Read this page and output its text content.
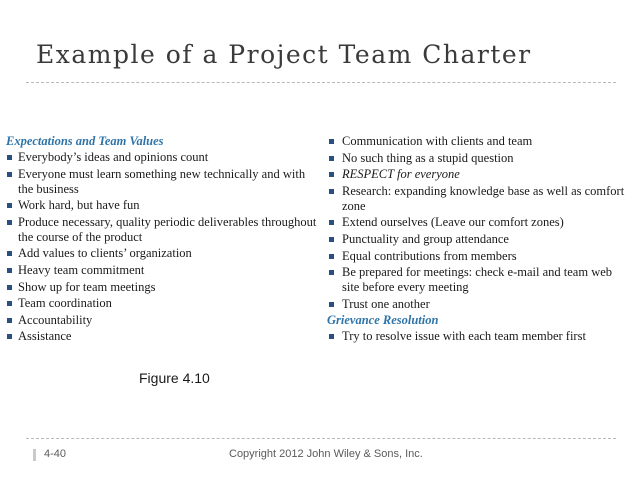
Example of a Project Team Charter
Expectations and Team Values
Everybody’s ideas and opinions count
Everyone must learn something new technically and with the business
Work hard, but have fun
Produce necessary, quality periodic deliverables throughout the course of the product
Add values to clients’ organization
Heavy team commitment
Show up for team meetings
Team coordination
Accountability
Assistance
Communication with clients and team
No such thing as a stupid question
RESPECT for everyone
Research: expanding knowledge base as well as comfort zone
Extend ourselves (Leave our comfort zones)
Punctuality and group attendance
Equal contributions from members
Be prepared for meetings: check e-mail and team web site before every meeting
Trust one another
Grievance Resolution
Try to resolve issue with each team member first
Figure 4.10
4-40	Copyright 2012 John Wiley & Sons, Inc.
